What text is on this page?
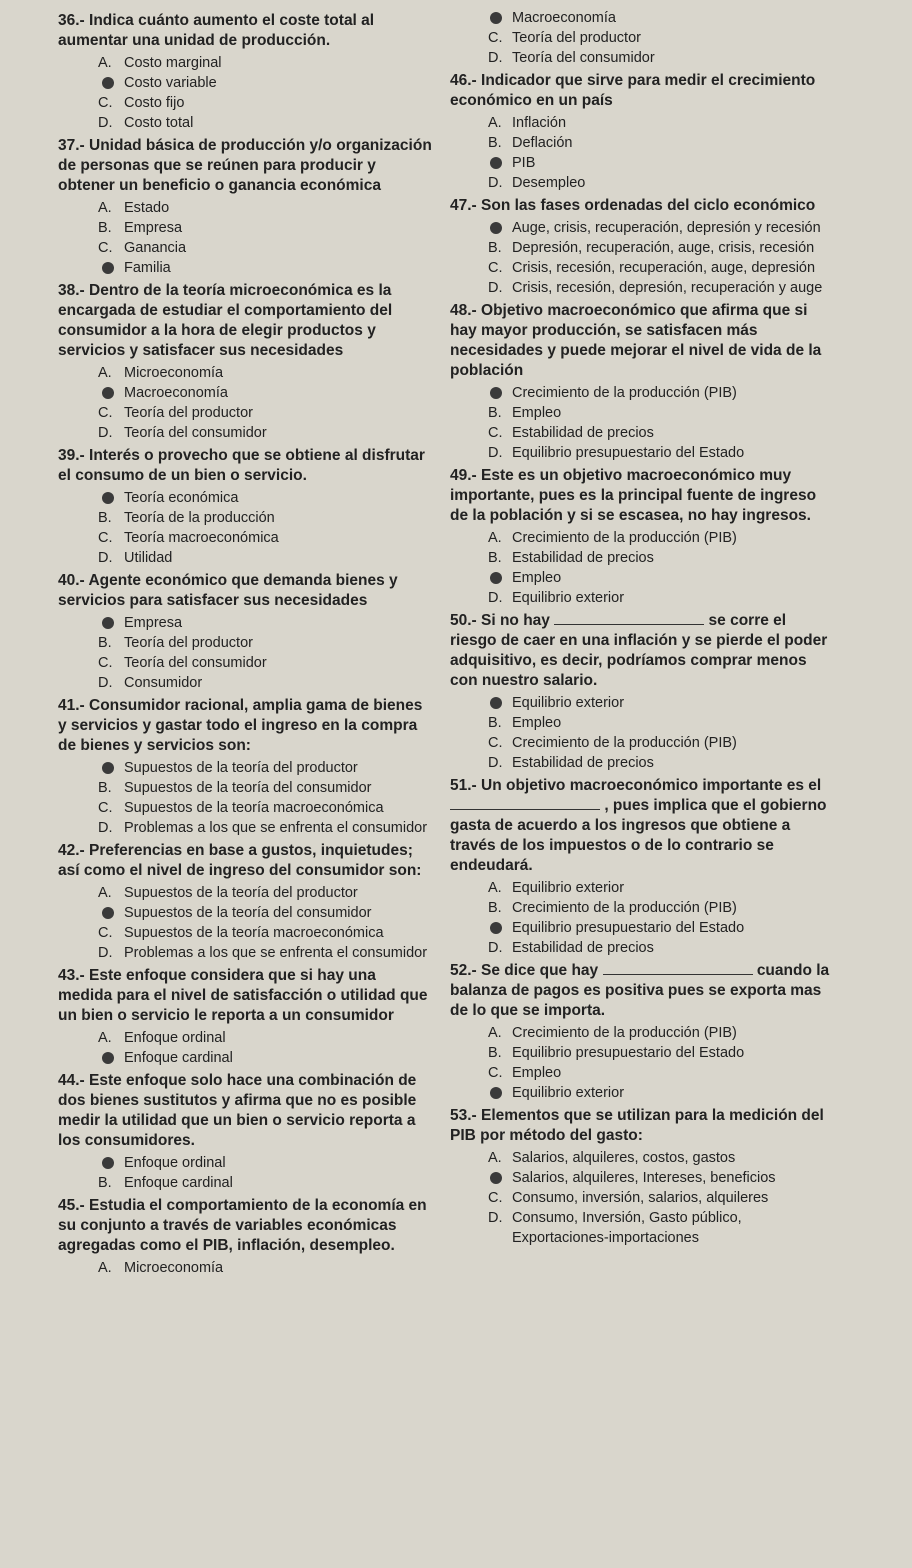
36.- Indica cuánto aumento el coste total al aumentar una unidad de producción.
A. Costo marginal
Costo variable
C. Costo fijo
D. Costo total
37.- Unidad básica de producción y/o organización de personas que se reúnen para producir y obtener un beneficio o ganancia económica
A. Estado
B. Empresa
C. Ganancia
Familia
38.- Dentro de la teoría microeconómica es la encargada de estudiar el comportamiento del consumidor a la hora de elegir productos y servicios y satisfacer sus necesidades
A. Microeconomía
Macroeconomía
C. Teoría del productor
D. Teoría del consumidor
39.- Interés o provecho que se obtiene al disfrutar el consumo de un bien o servicio.
Teoría económica
B. Teoría de la producción
C. Teoría macroeconómica
D. Utilidad
40.- Agente económico que demanda bienes y servicios para satisfacer sus necesidades
Empresa
B. Teoría del productor
C. Teoría del consumidor
D. Consumidor
41.- Consumidor racional, amplia gama de bienes y servicios y gastar todo el ingreso en la compra de bienes y servicios son:
Supuestos de la teoría del productor
B. Supuestos de la teoría del consumidor
C. Supuestos de la teoría macroeconómica
D. Problemas a los que se enfrenta el consumidor
42.- Preferencias en base a gustos, inquietudes; así como el nivel de ingreso del consumidor son:
A. Supuestos de la teoría del productor
Supuestos de la teoría del consumidor
C. Supuestos de la teoría macroeconómica
D. Problemas a los que se enfrenta el consumidor
43.- Este enfoque considera que si hay una medida para el nivel de satisfacción o utilidad que un bien o servicio le reporta a un consumidor
A. Enfoque ordinal
Enfoque cardinal
44.- Este enfoque solo hace una combinación de dos bienes sustitutos y afirma que no es posible medir la utilidad que un bien o servicio reporta a los consumidores.
Enfoque ordinal
B. Enfoque cardinal
45.- Estudia el comportamiento de la economía en su conjunto a través de variables económicas agregadas como el PIB, inflación, desempleo.
A. Microeconomía
Macroeconomía
C. Teoría del productor
D. Teoría del consumidor
46.- Indicador que sirve para medir el crecimiento económico en un país
A. Inflación
B. Deflación
PIB
D. Desempleo
47.- Son las fases ordenadas del ciclo económico
Auge, crisis, recuperación, depresión y recesión
B. Depresión, recuperación, auge, crisis, recesión
C. Crisis, recesión, recuperación, auge, depresión
D. Crisis, recesión, depresión, recuperación y auge
48.- Objetivo macroeconómico que afirma que si hay mayor producción, se satisfacen más necesidades y puede mejorar el nivel de vida de la población
Crecimiento de la producción (PIB)
B. Empleo
C. Estabilidad de precios
D. Equilibrio presupuestario del Estado
49.- Este es un objetivo macroeconómico muy importante, pues es la principal fuente de ingreso de la población y si se escasea, no hay ingresos.
A. Crecimiento de la producción (PIB)
B. Estabilidad de precios
Empleo
D. Equilibrio exterior
50.- Si no hay	se corre el riesgo de caer en una inflación y se pierde el poder adquisitivo, es decir, podríamos comprar menos con nuestro salario.
Equilibrio exterior
B. Empleo
C. Crecimiento de la producción (PIB)
D. Estabilidad de precios
51.- Un objetivo macroeconómico importante es el  , pues implica que el gobierno gasta de acuerdo a los ingresos que obtiene a través de los impuestos o de lo contrario se endeudará.
A. Equilibrio exterior
B. Crecimiento de la producción (PIB)
Equilibrio presupuestario del Estado
D. Estabilidad de precios
52.- Se dice que hay	cuando la balanza de pagos es positiva pues se exporta mas de lo que se importa.
A. Crecimiento de la producción (PIB)
B. Equilibrio presupuestario del Estado
C. Empleo
Equilibrio exterior
53.- Elementos que se utilizan para la medición del PIB por método del gasto:
A. Salarios, alquileres, costos, gastos
Salarios, alquileres, Intereses, beneficios
C. Consumo, inversión, salarios, alquileres
D. Consumo, Inversión, Gasto público, Exportaciones-importaciones
